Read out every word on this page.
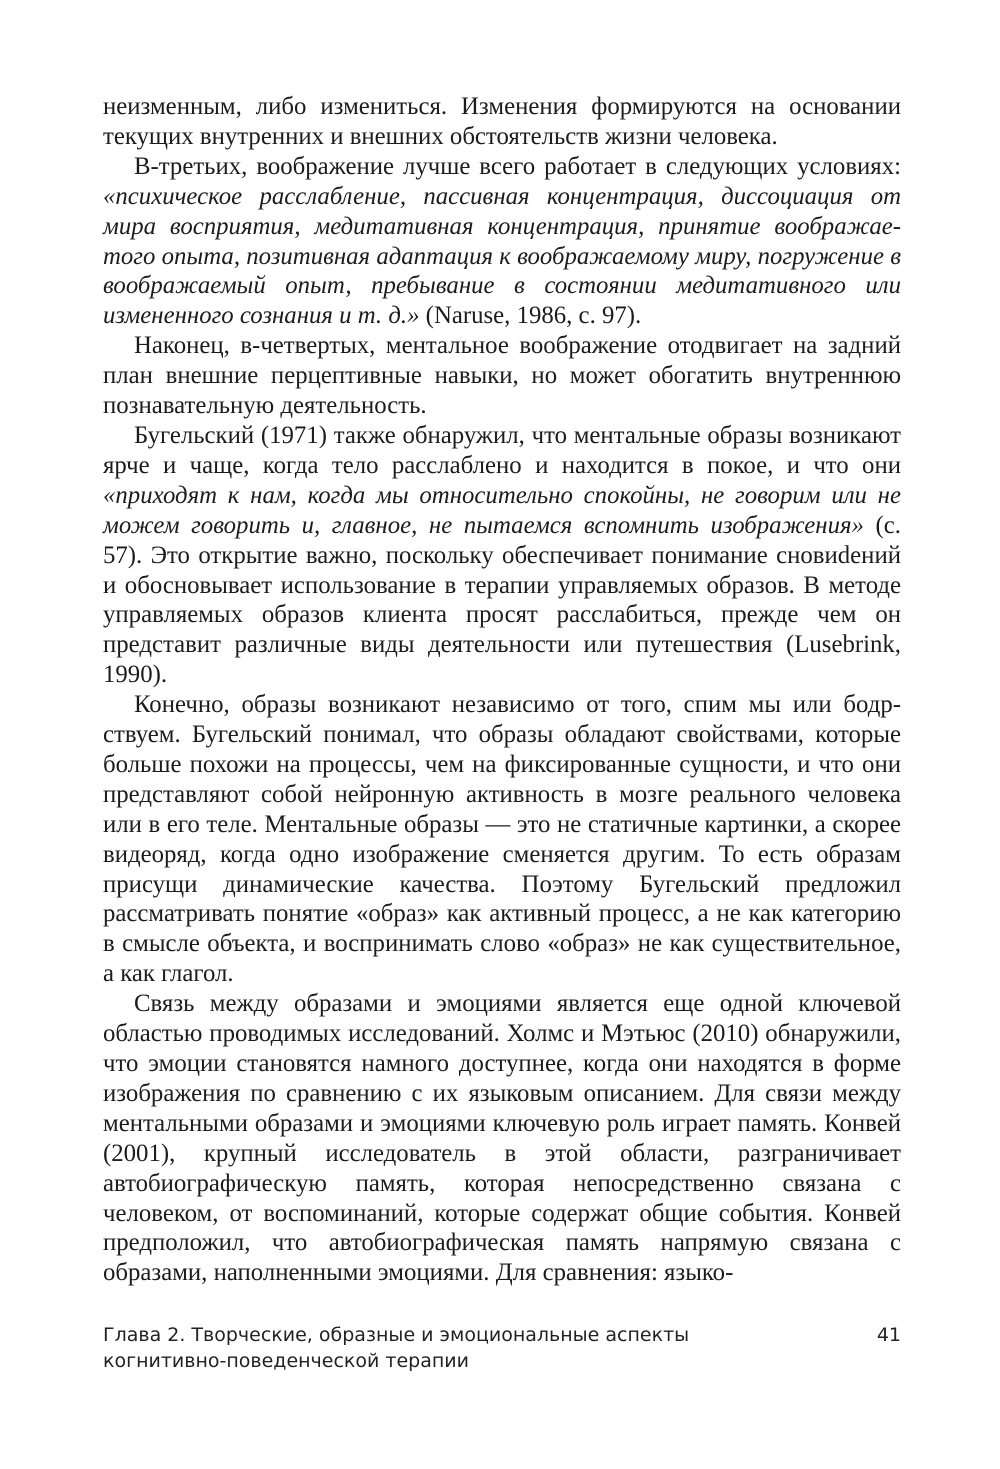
неизменным, либо измениться. Изменения формируются на основании текущих внутренних и внешних обстоятельств жизни человека.

В-третьих, воображение лучше всего работает в следующих условиях: «психическое расслабление, пассивная концентрация, диссоциация от мира восприятия, медитативная концентрация, принятие воображаеmого опыта, позитивная адаптация к воображаемому миру, погружение в воображаемый опыт, пребывание в состоянии медитативного или измененного сознания и т. д.» (Naruse, 1986, с. 97).

Наконец, в-четвертых, ментальное воображение отодвигает на задний план внешние перцептивные навыки, но может обогатить внутреннюю познавательную деятельность.

Бугельский (1971) также обнаружил, что ментальные образы возникают ярче и чаще, когда тело расслаблено и находится в покое, и что они «приходят к нам, когда мы относительно спокойны, не говорим или не можем говорить и, главное, не пытаемся вспомнить изображения» (с. 57). Это открытие важно, поскольку обеспечивает понимание сновиdений и обосновывает использование в терапии управляемых образов. В методе управляемых образов клиента просят расслабиться, прежде чем он представит различные виды деятельности или путешествия (Lusebrink, 1990).

Конечно, образы возникают независимо от того, спим мы или бодрствуем. Бугельский понимал, что образы обладают свойствами, которые больше похожи на процессы, чем на фиксированные сущности, и что они представляют собой нейронную активность в мозге реального человека или в его теле. Ментальные образы — это не статичные картинки, а скорее видеоряд, когда одно изображение сменяется другим. То есть образам присущи динамические качества. Поэтому Бугельский предложил рассматривать понятие «образ» как активный процесс, а не как категорию в смысле объекта, и воспринимать слово «образ» не как существительное, а как глагол.

Связь между образами и эмоциями является еще одной ключевой областью проводимых исследований. Холмс и Мэтьюс (2010) обнаружили, что эмоции становятся намного доступнее, когда они находятся в форме изображения по сравнению с их языковым описанием. Для связи между ментальными образами и эмоциями ключевую роль играет память. Конвей (2001), крупный исследователь в этой области, разграничивает автобиографическую память, которая непосредственно связана с человеком, от воспоминаний, которые содержат общие события. Конвей предположил, что автобиографическая память напрямую связана с образами, наполненными эмоциями. Для сравнения: языко-

Глава 2. Творческие, образные и эмоциональные аспекты когнитивно-поведенческой терапии
41
